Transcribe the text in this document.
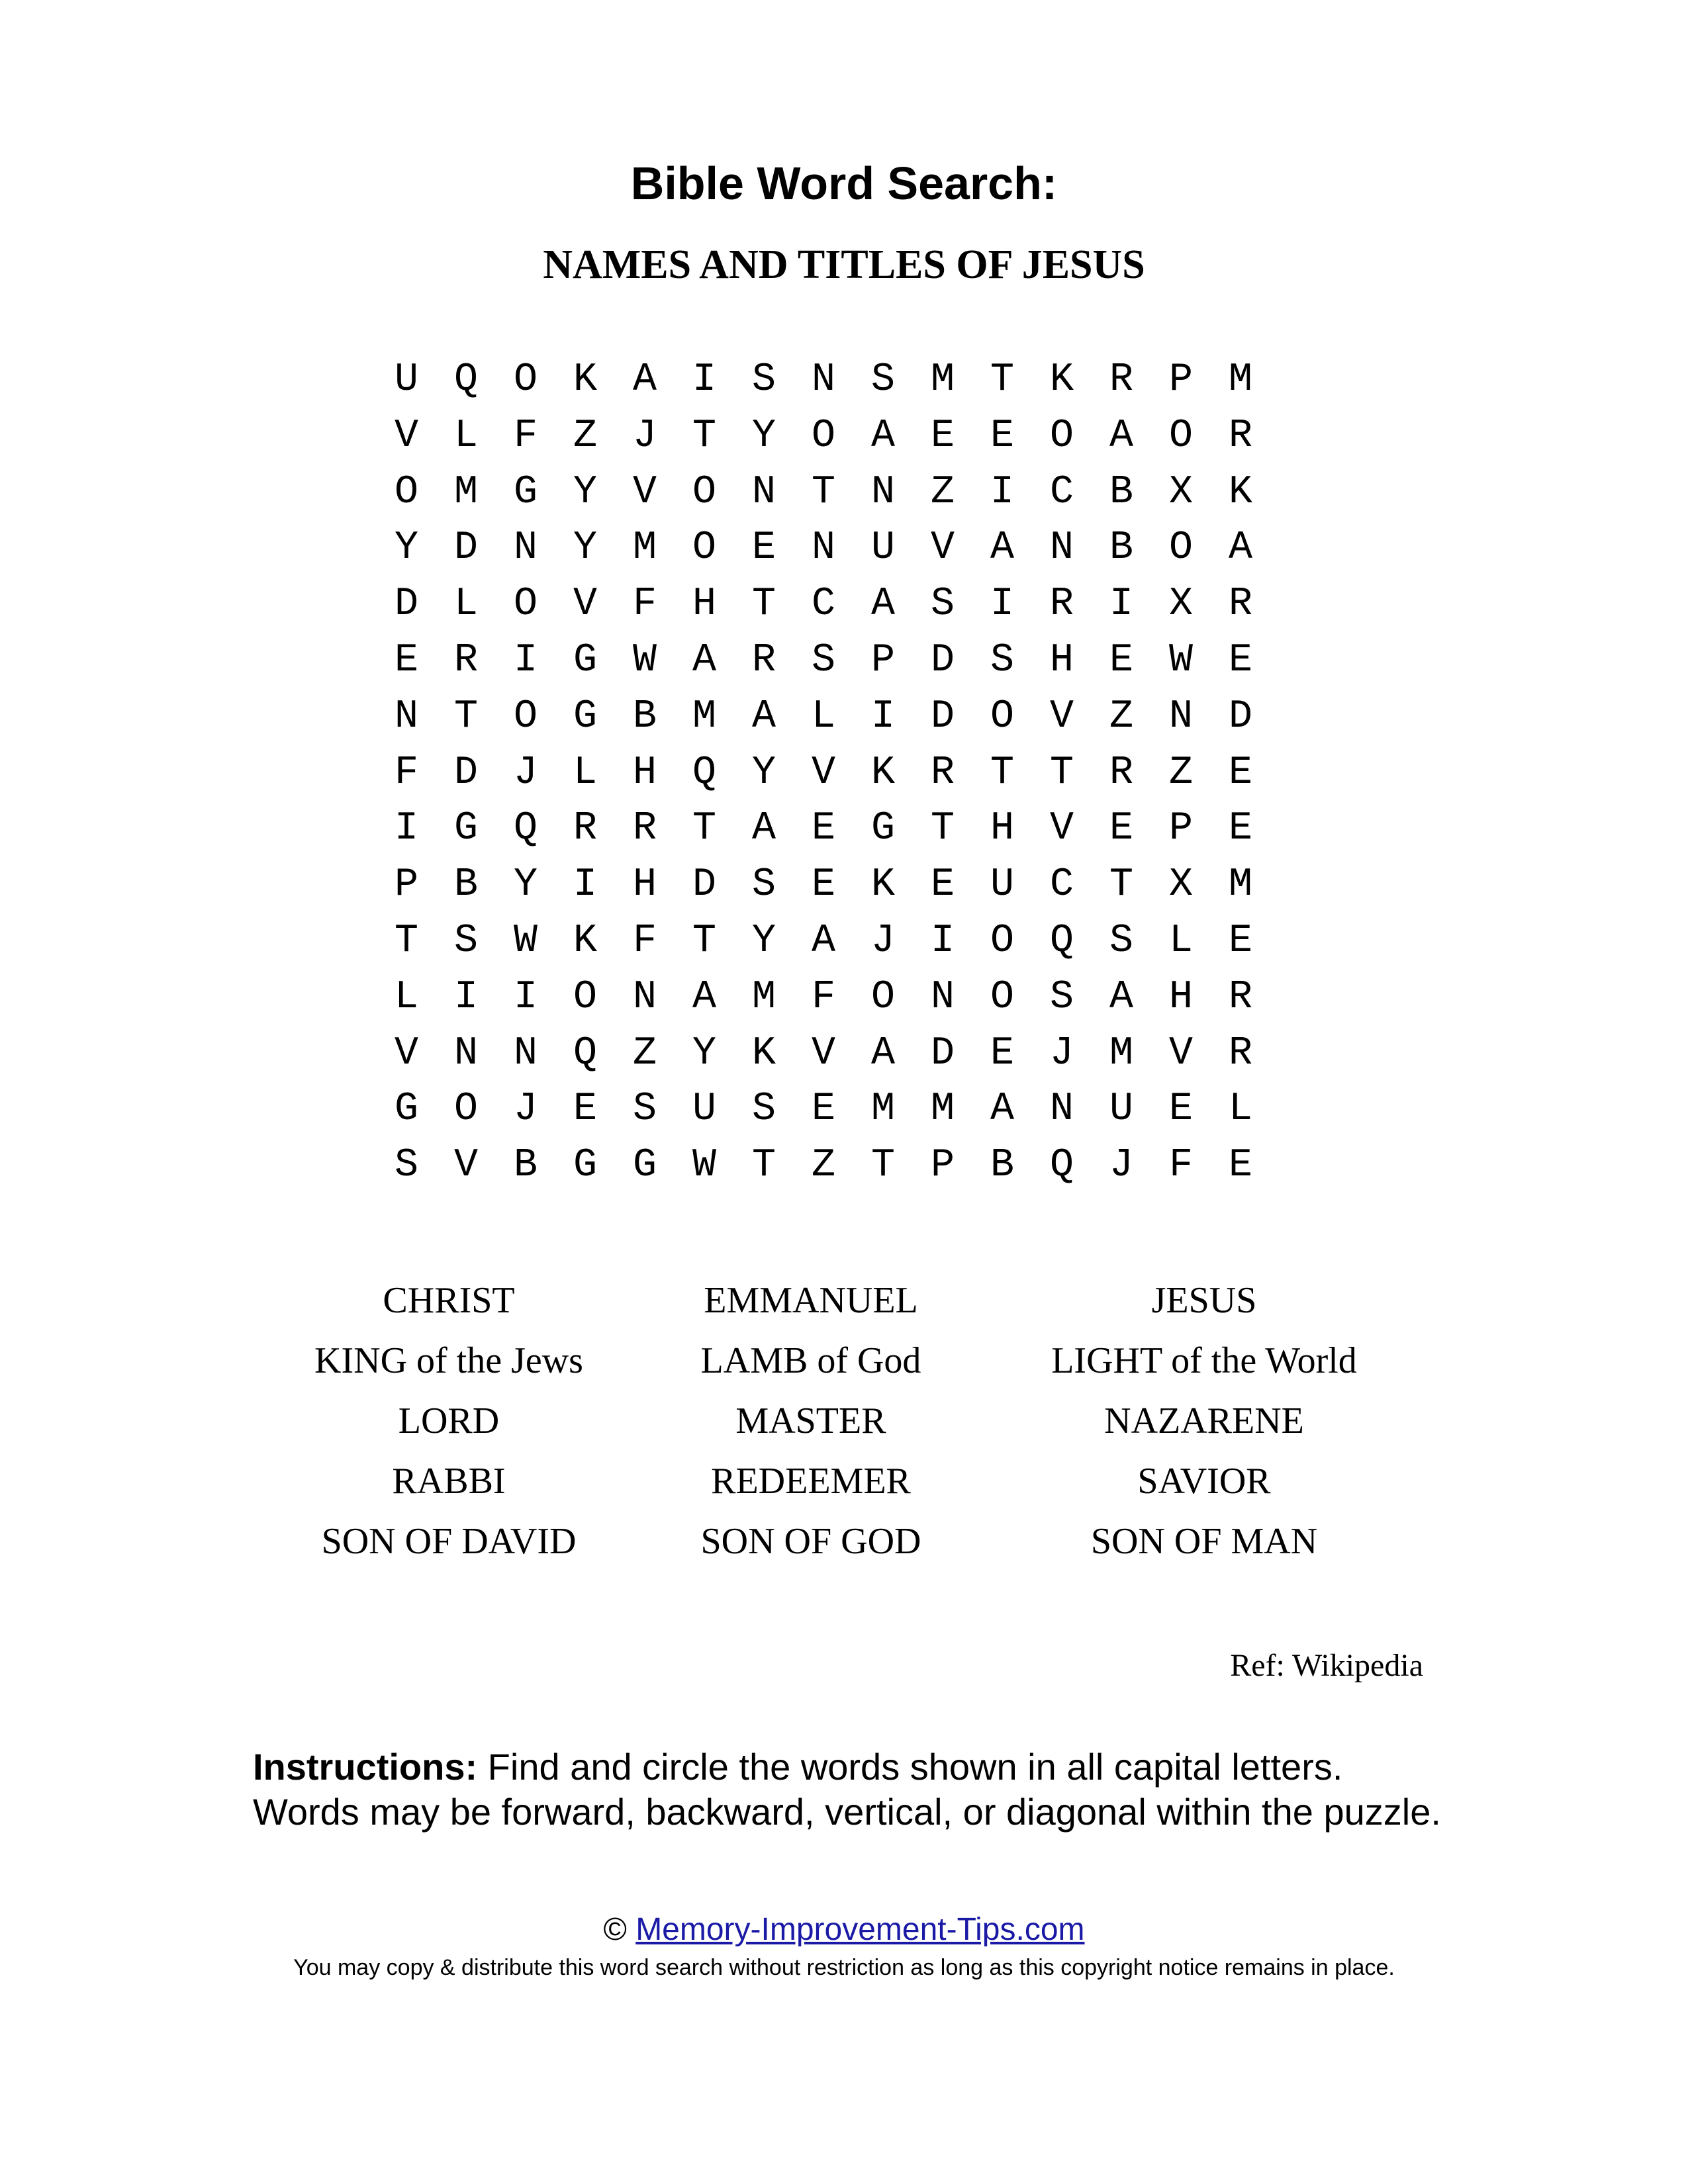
Bible Word Search:
NAMES AND TITLES OF JESUS
U Q O K A I S N S M T K R P M
V L F Z J T Y O A E E O A O R
O M G Y V O N T N Z I C B X K
Y D N Y M O E N U V A N B O A
D L O V F H T C A S I R I X R
E R I G W A R S P D S H E W E
N T O G B M A L I D O V Z N D
F D J L H Q Y V K R T T R Z E
I G Q R R T A E G T H V E P E
P B Y I H D S E K E U C T X M
T S W K F T Y A J I O Q S L E
L I I O N A M F O N O S A H R
V N N Q Z Y K V A D E J M V R
G O J E S U S E M M A N U E L
S V B G G W T Z T P B Q J F E
CHRIST	EMMANUEL	JESUS
KING of the Jews	LAMB of God	LIGHT of the World
LORD	MASTER	NAZARENE
RABBI	REDEEMER	SAVIOR
SON OF DAVID	SON OF GOD	SON OF MAN
Ref: Wikipedia
Instructions: Find and circle the words shown in all capital letters.
Words may be forward, backward, vertical, or diagonal within the puzzle.
© Memory-Improvement-Tips.com
You may copy & distribute this word search without restriction as long as this copyright notice remains in place.
